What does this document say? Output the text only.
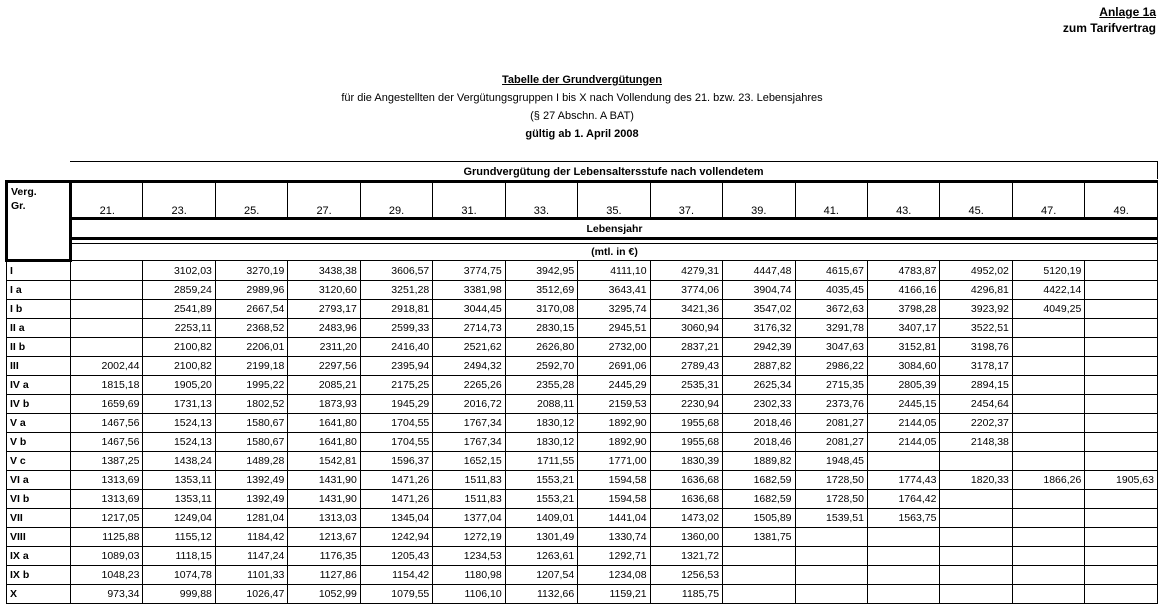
Anlage 1a
zum Tarifvertrag
Tabelle der Grundvergütungen
für die Angestellten der Vergütungsgruppen I bis X nach Vollendung des 21. bzw. 23. Lebensjahres
(§ 27 Abschn. A BAT)
gültig ab 1. April 2008
Grundvergütung der Lebensaltersstufe nach vollendetem
Verg.
Gr.	21.	23.	25.	27.	29.	31.	33.	35.	37.	39.	41.	43.	45.	47.	49.
	Lebensjahr														

	(mtl. in €)														
I		3102,03	3270,19	3438,38	3606,57	3774,75	3942,95	4111,10	4279,31	4447,48	4615,67	4783,87	4952,02	5120,19	
I a		2859,24	2989,96	3120,60	3251,28	3381,98	3512,69	3643,41	3774,06	3904,74	4035,45	4166,16	4296,81	4422,14	
I b		2541,89	2667,54	2793,17	2918,81	3044,45	3170,08	3295,74	3421,36	3547,02	3672,63	3798,28	3923,92	4049,25	
II a		2253,11	2368,52	2483,96	2599,33	2714,73	2830,15	2945,51	3060,94	3176,32	3291,78	3407,17	3522,51		
II b		2100,82	2206,01	2311,20	2416,40	2521,62	2626,80	2732,00	2837,21	2942,39	3047,63	3152,81	3198,76		
III	2002,44	2100,82	2199,18	2297,56	2395,94	2494,32	2592,70	2691,06	2789,43	2887,82	2986,22	3084,60	3178,17		
IV a	1815,18	1905,20	1995,22	2085,21	2175,25	2265,26	2355,28	2445,29	2535,31	2625,34	2715,35	2805,39	2894,15		
IV b	1659,69	1731,13	1802,52	1873,93	1945,29	2016,72	2088,11	2159,53	2230,94	2302,33	2373,76	2445,15	2454,64		
V a	1467,56	1524,13	1580,67	1641,80	1704,55	1767,34	1830,12	1892,90	1955,68	2018,46	2081,27	2144,05	2202,37		
V b	1467,56	1524,13	1580,67	1641,80	1704,55	1767,34	1830,12	1892,90	1955,68	2018,46	2081,27	2144,05	2148,38		
V c	1387,25	1438,24	1489,28	1542,81	1596,37	1652,15	1711,55	1771,00	1830,39	1889,82	1948,45				
VI a	1313,69	1353,11	1392,49	1431,90	1471,26	1511,83	1553,21	1594,58	1636,68	1682,59	1728,50	1774,43	1820,33	1866,26	1905,63
VI b	1313,69	1353,11	1392,49	1431,90	1471,26	1511,83	1553,21	1594,58	1636,68	1682,59	1728,50	1764,42			
VII	1217,05	1249,04	1281,04	1313,03	1345,04	1377,04	1409,01	1441,04	1473,02	1505,89	1539,51	1563,75			
VIII	1125,88	1155,12	1184,42	1213,67	1242,94	1272,19	1301,49	1330,74	1360,00	1381,75					
IX a	1089,03	1118,15	1147,24	1176,35	1205,43	1234,53	1263,61	1292,71	1321,72						
IX b	1048,23	1074,78	1101,33	1127,86	1154,42	1180,98	1207,54	1234,08	1256,53						
X	973,34	999,88	1026,47	1052,99	1079,55	1106,10	1132,66	1159,21	1185,75						
